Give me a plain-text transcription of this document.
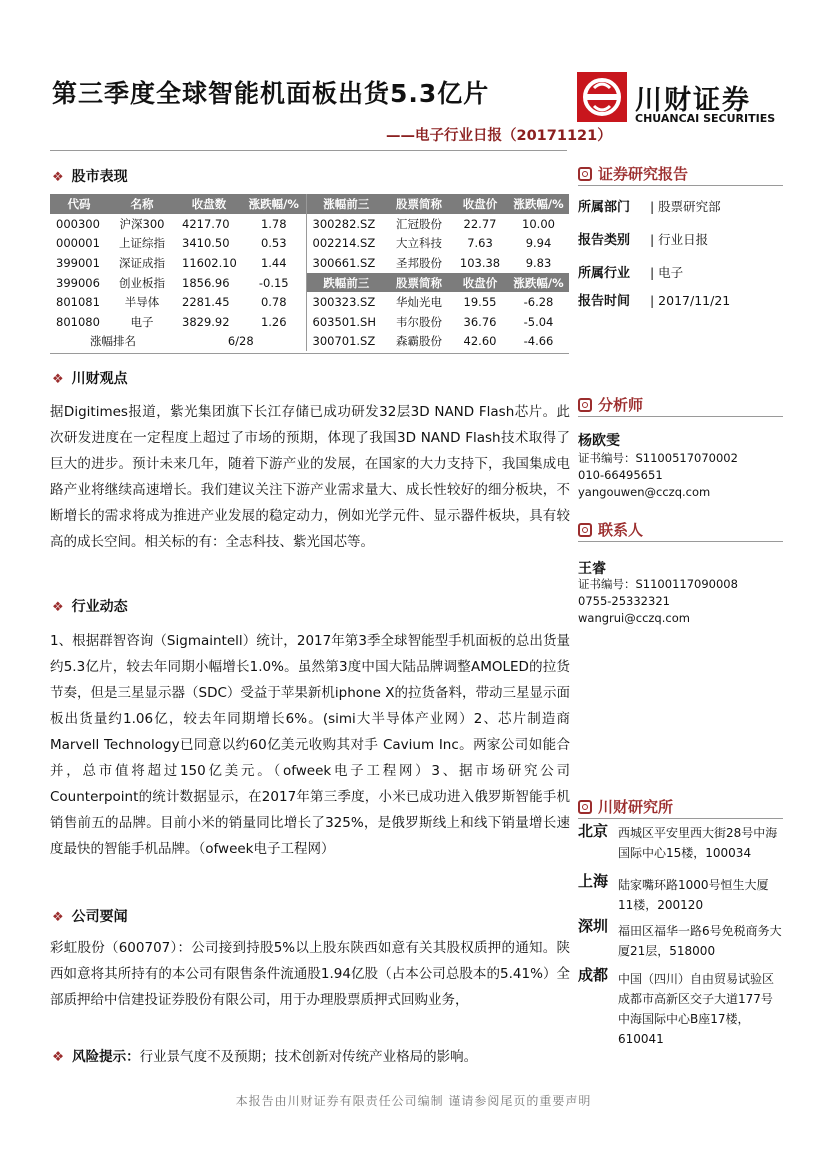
第三季度全球智能机面板出货5.3亿片
——电子行业日报（20171121）
川财证券
CHUANCAI SECURITIES
❖ 股市表现
代码	名称	收盘数	涨跌幅/%	涨幅前三	股票简称	收盘价	涨跌幅/%
000300	沪深300	4217.70	1.78	300282.SZ	汇冠股份	22.77	10.00
000001	上证综指	3410.50	0.53	002214.SZ	大立科技	7.63	9.94
399001	深证成指	11602.10	1.44	300661.SZ	圣邦股份	103.38	9.83
399006	创业板指	1856.96	-0.15	跌幅前三	股票简称	收盘价	涨跌幅/%
801081	半导体	2281.45	0.78	300323.SZ	华灿光电	19.55	-6.28
801080	电子	3829.92	1.26	603501.SH	韦尔股份	36.76	-5.04
涨幅排名		6/28		300701.SZ	森霸股份	42.60	-4.66
❖ 川财观点
据Digitimes报道，紫光集团旗下长江存储已成功研发32层3D NAND Flash芯片。此次研发进度在一定程度上超过了市场的预期，体现了我国3D NAND Flash技术取得了巨大的进步。预计未来几年，随着下游产业的发展，在国家的大力支持下，我国集成电路产业将继续高速增长。我们建议关注下游产业需求量大、成长性较好的细分板块，不断增长的需求将成为推进产业发展的稳定动力，例如光学元件、显示器件板块，具有较高的成长空间。相关标的有：全志科技、紫光国芯等。
❖ 行业动态
1、根据群智咨询（Sigmaintell）统计，2017年第3季全球智能型手机面板的总出货量约5.3亿片，较去年同期小幅增长1.0%。虽然第3度中国大陆品牌调整AMOLED的拉货节奏，但是三星显示器（SDC）受益于苹果新机iphone X的拉货备料，带动三星显示面板出货量约1.06亿，较去年同期增长6%。(simi大半导体产业网）2、芯片制造商Marvell Technology已同意以约60亿美元收购其对手 Cavium Inc。两家公司如能合并，总市值将超过150亿美元。（ofweek电子工程网）3、据市场研究公司Counterpoint的统计数据显示，在2017年第三季度，小米已成功进入俄罗斯智能手机销售前五的品牌。目前小米的销量同比增长了325%，是俄罗斯线上和线下销量增长速度最快的智能手机品牌。（ofweek电子工程网）
❖ 公司要闻
彩虹股份（600707）：公司接到持股5%以上股东陕西如意有关其股权质押的通知。陕西如意将其所持有的本公司有限售条件流通股1.94亿股（占本公司总股本的5.41%）全部质押给中信建投证券股份有限公司，用于办理股票质押式回购业务，
❖ 风险提示：行业景气度不及预期；技术创新对传统产业格局的影响。
本报告由川财证券有限责任公司编制 谨请参阅尾页的重要声明
证券研究报告
所属部门 | 股票研究部
报告类别 | 行业日报
所属行业 | 电子
报告时间 | 2017/11/21
分析师
杨欧雯
证书编号：S1100517070002
010-66495651
yangouwen@cczq.com
联系人
王睿
证书编号：S1100117090008
0755-25332321
wangrui@cczq.com
川财研究所
北京 西城区平安里西大街28号中海国际中心15楼，100034
上海 陆家嘴环路1000号恒生大厦11楼，200120
深圳 福田区福华一路6号免税商务大厦21层，518000
成都 中国（四川）自由贸易试验区成都市高新区交子大道177号中海国际中心B座17楼，610041
